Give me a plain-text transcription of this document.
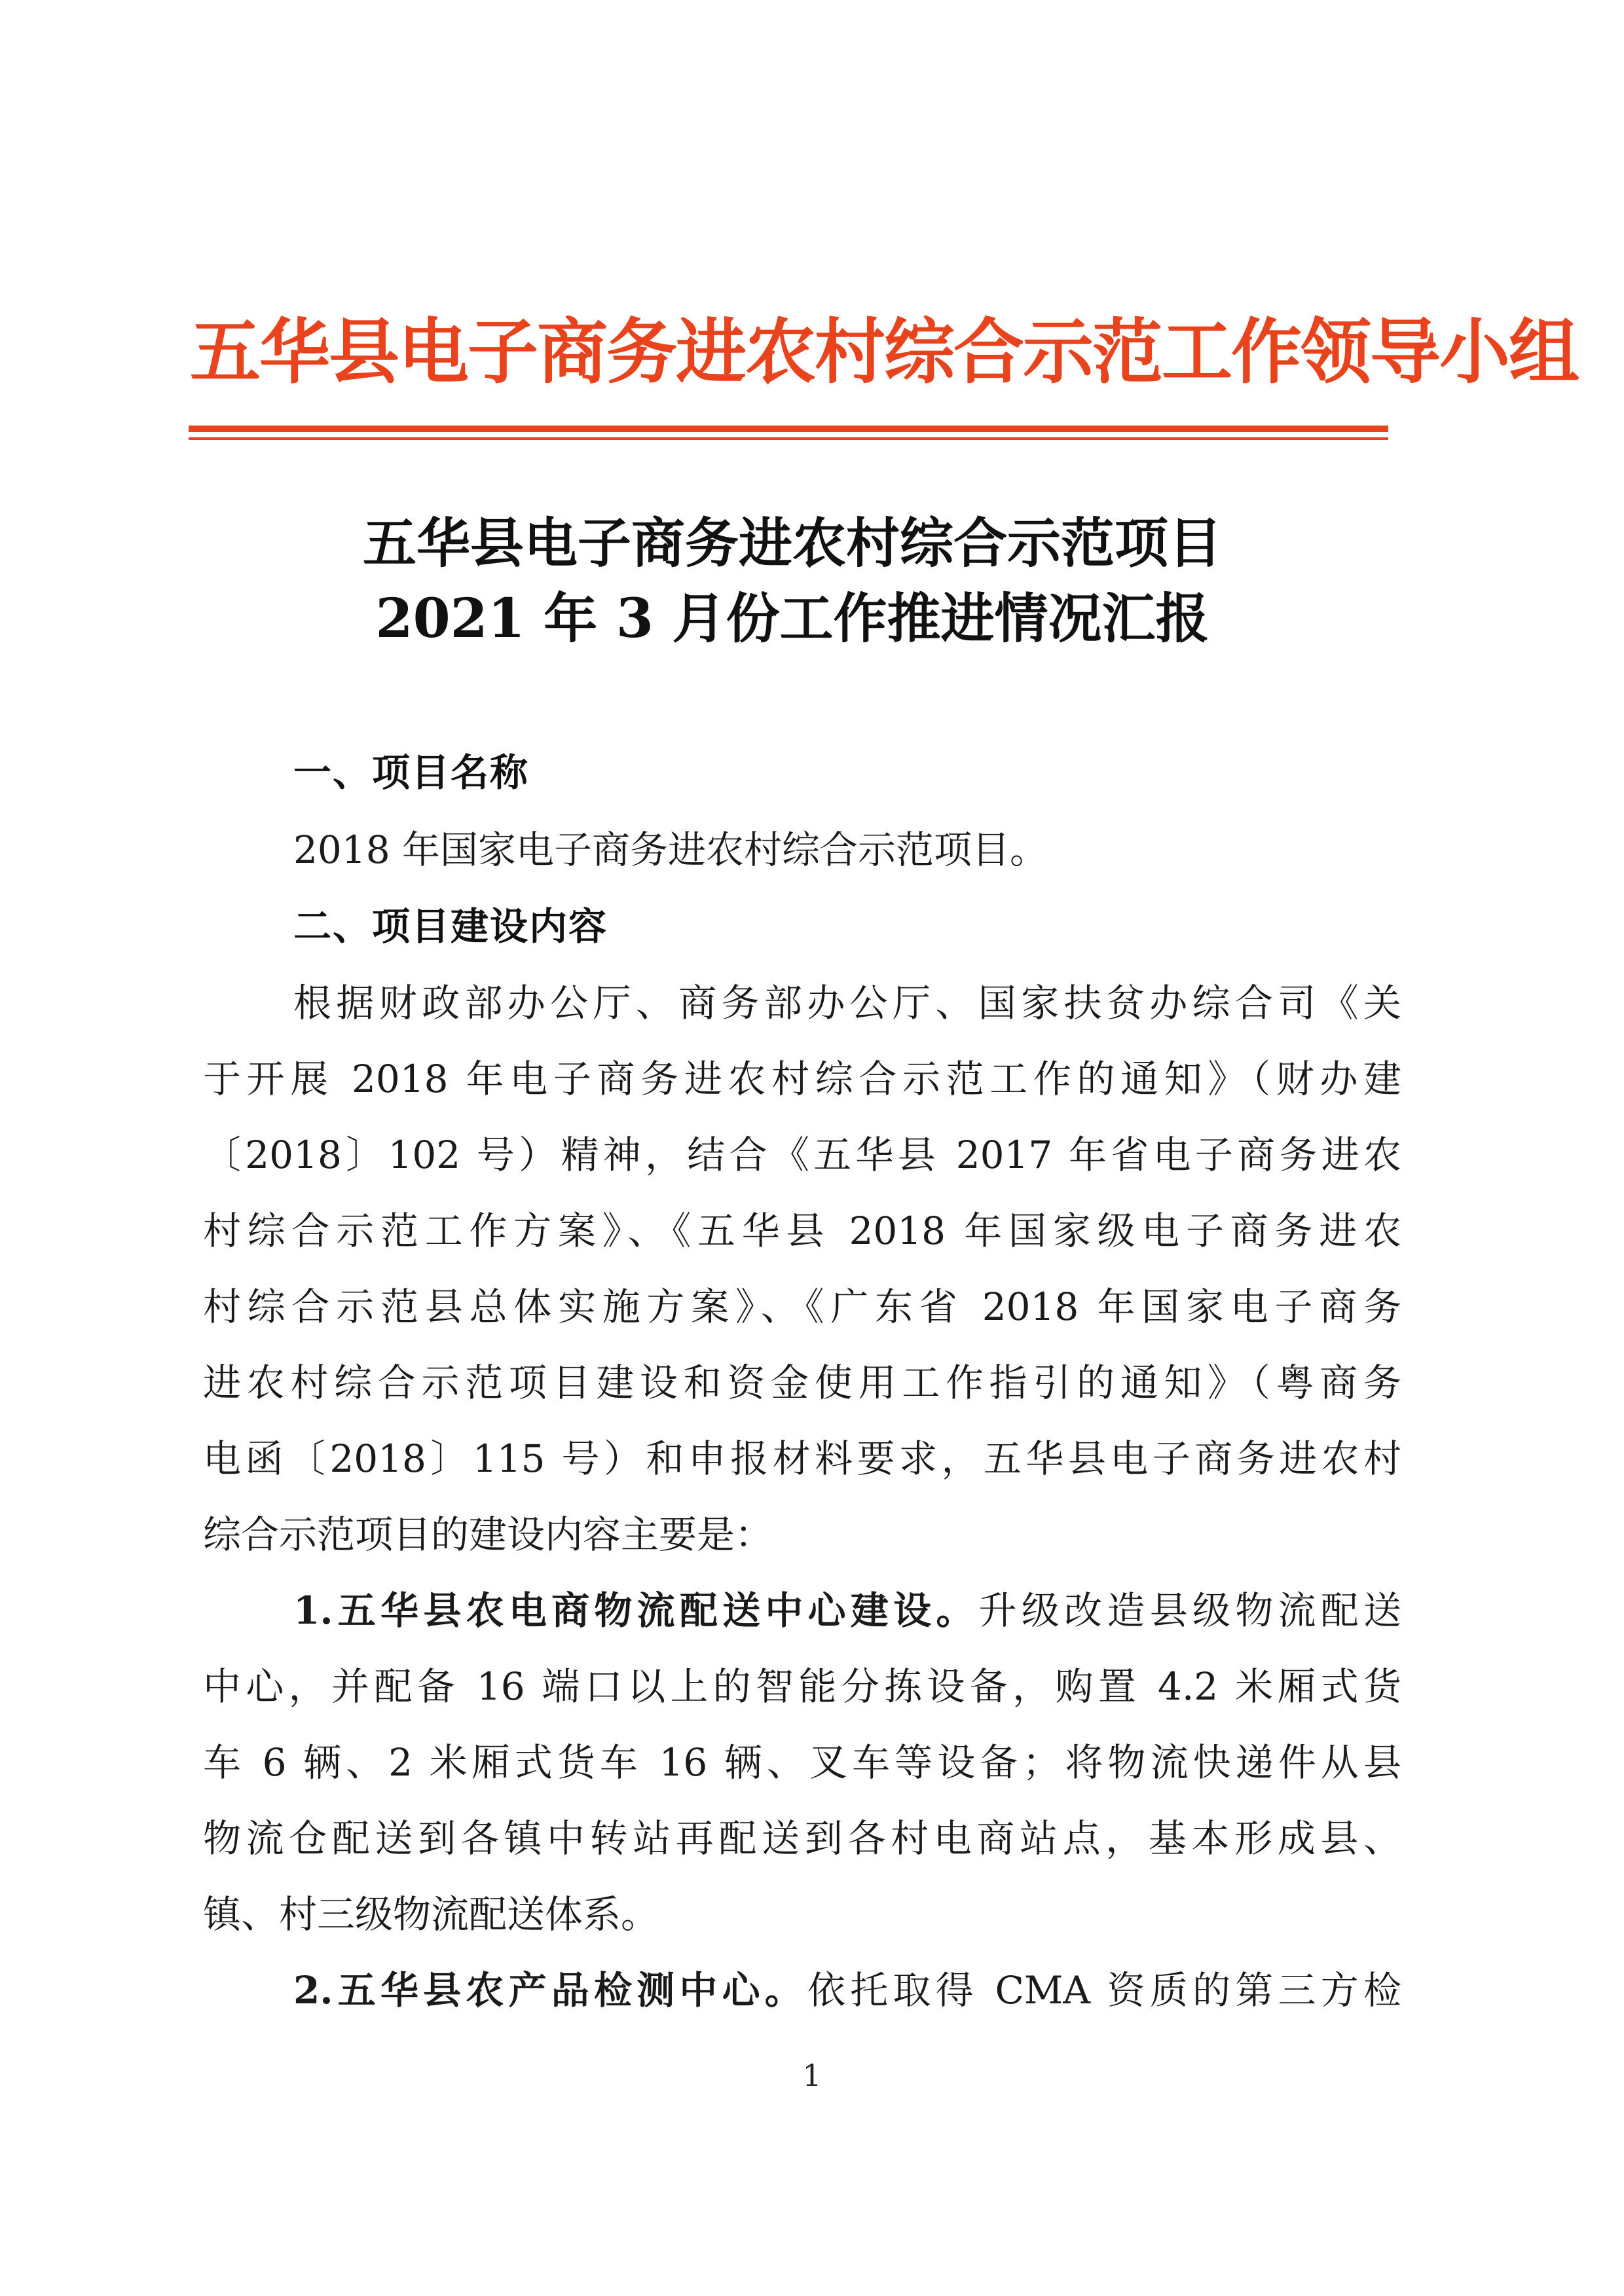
五华县电子商务进农村综合示范工作领导小组
五华县电子商务进农村综合示范项目
2021 年 3 月份工作推进情况汇报
一、项目名称
2018 年国家电子商务进农村综合示范项目。
二、项目建设内容
根据财政部办公厅、商务部办公厅、国家扶贫办综合司《关
于开展 2018 年电子商务进农村综合示范工作的通知》（财办建
〔2018〕102 号）精神，结合《五华县 2017 年省电子商务进农
村综合示范工作方案》、《五华县 2018 年国家级电子商务进农
村综合示范县总体实施方案》、《广东省 2018 年国家电子商务
进农村综合示范项目建设和资金使用工作指引的通知》（粤商务
电函〔2018〕115 号）和申报材料要求，五华县电子商务进农村
综合示范项目的建设内容主要是：
1.五华县农电商物流配送中心建设。升级改造县级物流配送
中心，并配备 16 端口以上的智能分拣设备，购置 4.2 米厢式货
车 6 辆、2 米厢式货车 16 辆、叉车等设备；将物流快递件从县
物流仓配送到各镇中转站再配送到各村电商站点，基本形成县、
镇、村三级物流配送体系。
2.五华县农产品检测中心。依托取得 CMA 资质的第三方检
1
